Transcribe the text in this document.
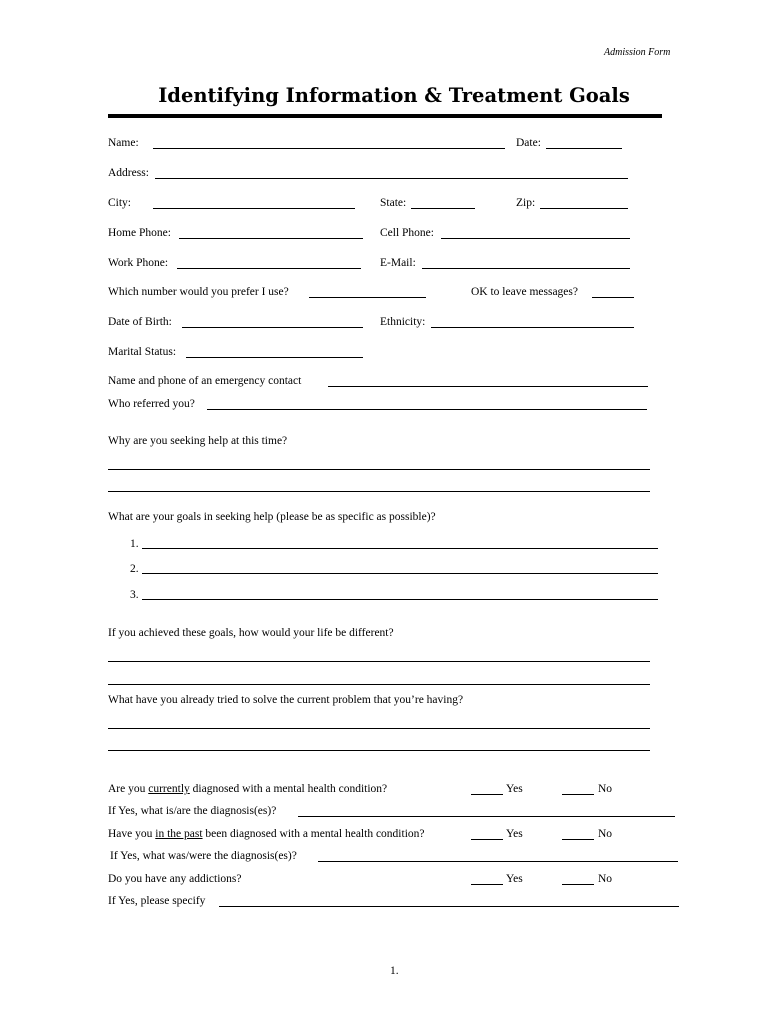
Admission Form
Identifying Information & Treatment Goals
Name:	Date:
Address:
City:	State:	Zip:
Home Phone:	Cell Phone:
Work Phone:	E-Mail:
Which number would you prefer I use?	OK to leave messages?
Date of Birth:	Ethnicity:
Marital Status:
Name and phone of an emergency contact
Who referred you?
Why are you seeking help at this time?
What are your goals in seeking help (please be as specific as possible)?
1.
2.
3.
If you achieved these goals, how would your life be different?
What have you already tried to solve the current problem that you’re having?
Are you currently diagnosed with a mental health condition?	Yes	No
If Yes, what is/are the diagnosis(es)?
Have you in the past been diagnosed with a mental health condition?	Yes	No
If Yes, what was/were the diagnosis(es)?
Do you have any addictions?	Yes	No
If Yes, please specify
1.
